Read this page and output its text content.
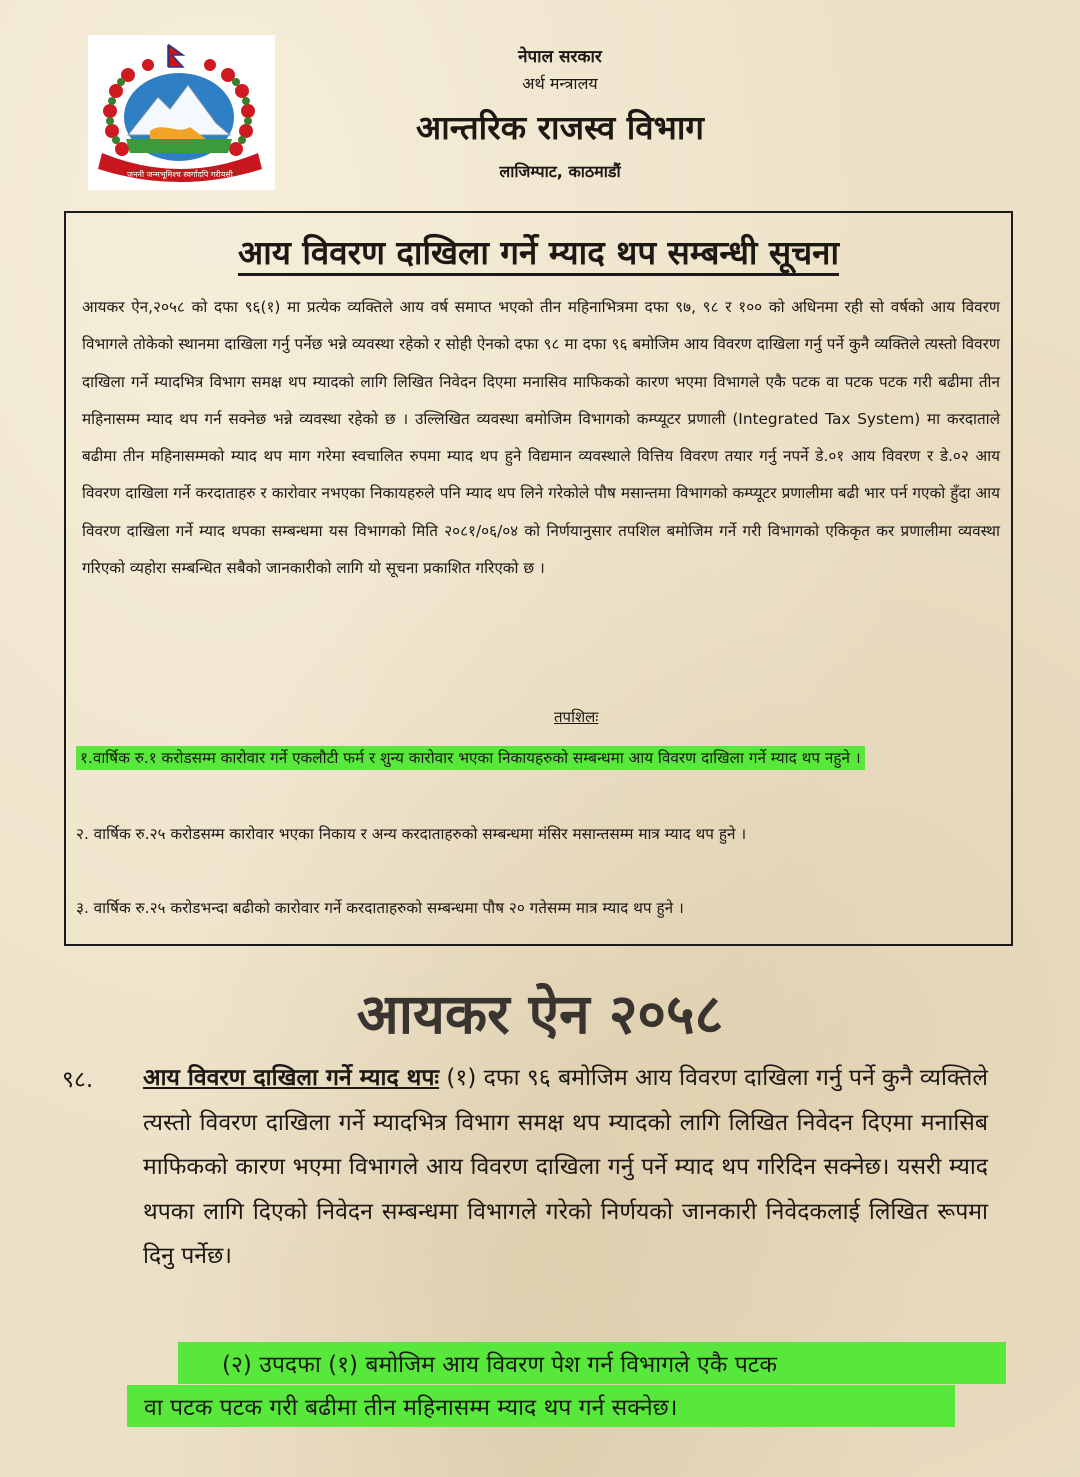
जननी जन्मभूमिश्च स्वर्गादपि गरीयसी

नेपाल सरकार

अर्थ मन्त्रालय

आन्तरिक राजस्व विभाग

लाजिम्पाट, काठमाडौं

आय विवरण दाखिला गर्ने म्याद थप सम्बन्धी सूचना

आयकर ऐन,२०५८ को दफा ९६(१) मा प्रत्येक व्यक्तिले आय वर्ष समाप्त भएको तीन महिनाभित्रमा दफा ९७, ९८ र १०० को अधिनमा रही सो वर्षको आय विवरण विभागले तोकेको स्थानमा दाखिला गर्नु पर्नेछ भन्ने व्यवस्था रहेको र सोही ऐनको दफा ९८ मा दफा ९६ बमोजिम आय विवरण दाखिला गर्नु पर्ने कुनै व्यक्तिले त्यस्तो विवरण दाखिला गर्ने म्यादभित्र विभाग समक्ष थप म्यादको लागि लिखित निवेदन दिएमा मनासिव माफिकको कारण भएमा विभागले एकै पटक वा पटक पटक गरी बढीमा तीन महिनासम्म म्याद थप गर्न सक्नेछ भन्ने व्यवस्था रहेको छ । उल्लिखित व्यवस्था बमोजिम विभागको कम्प्यूटर प्रणाली (Integrated Tax System) मा करदाताले बढीमा तीन महिनासम्मको म्याद थप माग गरेमा स्वचालित रुपमा म्याद थप हुने विद्यमान व्यवस्थाले वित्तिय विवरण तयार गर्नु नपर्ने डे.०१ आय विवरण र डे.०२ आय विवरण दाखिला गर्ने करदाताहरु र कारोवार नभएका निकायहरुले पनि म्याद थप लिने गरेकोले पौष मसान्तमा विभागको कम्प्यूटर प्रणालीमा बढी भार पर्न गएको हुँदा आय विवरण दाखिला गर्ने म्याद थपका सम्बन्धमा यस विभागको मिति २०८१/०६/०४ को निर्णयानुसार तपशिल बमोजिम गर्ने गरी विभागको एकिकृत कर प्रणालीमा व्यवस्था गरिएको व्यहोरा सम्बन्धित सबैको जानकारीको लागि यो सूचना प्रकाशित गरिएको छ ।

तपशिलः

१.वार्षिक रु.१ करोडसम्म कारोवार गर्ने एकलौटी फर्म र शुन्य कारोवार भएका निकायहरुको सम्बन्धमा आय विवरण दाखिला गर्ने म्याद थप नहुने ।

२. वार्षिक रु.२५ करोडसम्म कारोवार भएका निकाय र अन्य करदाताहरुको सम्बन्धमा मंसिर मसान्तसम्म मात्र म्याद थप हुने ।

३. वार्षिक रु.२५ करोडभन्दा बढीको कारोवार गर्ने करदाताहरुको सम्बन्धमा पौष २० गतेसम्म मात्र म्याद थप हुने ।

आयकर ऐन २०५८

९८. आय विवरण दाखिला गर्ने म्याद थपः (१) दफा ९६ बमोजिम आय विवरण दाखिला गर्नु पर्ने कुनै व्यक्तिले त्यस्तो विवरण दाखिला गर्ने म्यादभित्र विभाग समक्ष थप म्यादको लागि लिखित निवेदन दिएमा मनासिब माफिकको कारण भएमा विभागले आय विवरण दाखिला गर्नु पर्ने म्याद थप गरिदिन सक्नेछ। यसरी म्याद थपका लागि दिएको निवेदन सम्बन्धमा विभागले गरेको निर्णयको जानकारी निवेदकलाई लिखित रूपमा दिनु पर्नेछ।

(२) उपदफा (१) बमोजिम आय विवरण पेश गर्न विभागले एकै पटक

वा पटक पटक गरी बढीमा तीन महिनासम्म म्याद थप गर्न सक्नेछ।
